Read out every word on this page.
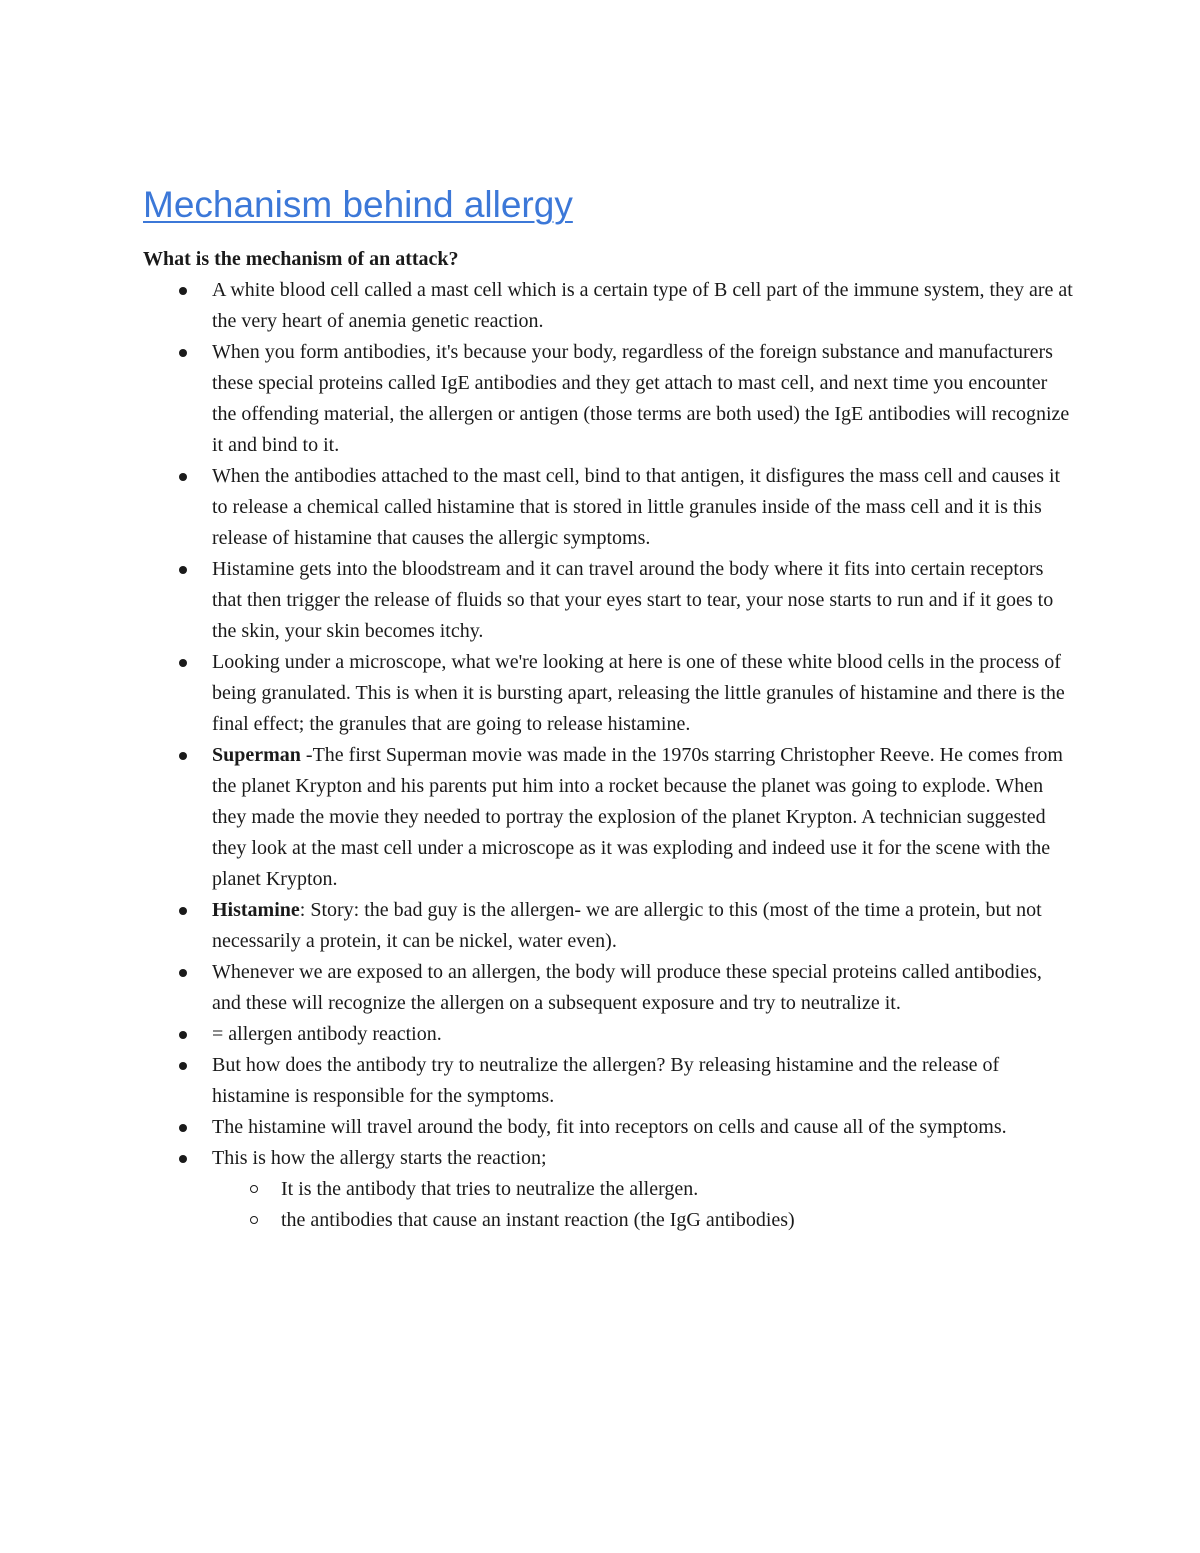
Mechanism behind allergy

What is the mechanism of an attack?

A white blood cell called a mast cell which is a certain type of B cell part of the immune system, they are at the very heart of anemia genetic reaction.
When you form antibodies, it's because your body, regardless of the foreign substance and manufacturers these special proteins called IgE antibodies and they get attach to mast cell, and next time you encounter the offending material, the allergen or antigen (those terms are both used) the IgE antibodies will recognize it and bind to it.
When the antibodies attached to the mast cell, bind to that antigen, it disfigures the mass cell and causes it to release a chemical called histamine that is stored in little granules inside of the mass cell and it is this release of histamine that causes the allergic symptoms.
Histamine gets into the bloodstream and it can travel around the body where it fits into certain receptors that then trigger the release of fluids so that your eyes start to tear, your nose starts to run and if it goes to the skin, your skin becomes itchy.
Looking under a microscope, what we're looking at here is one of these white blood cells in the process of being granulated. This is when it is bursting apart, releasing the little granules of histamine and there is the final effect; the granules that are going to release histamine.
Superman -The first Superman movie was made in the 1970s starring Christopher Reeve. He comes from the planet Krypton and his parents put him into a rocket because the planet was going to explode. When they made the movie they needed to portray the explosion of the planet Krypton. A technician suggested they look at the mast cell under a microscope as it was exploding and indeed use it for the scene with the planet Krypton.
Histamine: Story: the bad guy is the allergen- we are allergic to this (most of the time a protein, but not necessarily a protein, it can be nickel, water even).
Whenever we are exposed to an allergen, the body will produce these special proteins called antibodies, and these will recognize the allergen on a subsequent exposure and try to neutralize it.
= allergen antibody reaction.
But how does the antibody try to neutralize the allergen? By releasing histamine and the release of histamine is responsible for the symptoms.
The histamine will travel around the body, fit into receptors on cells and cause all of the symptoms.
This is how the allergy starts the reaction;
It is the antibody that tries to neutralize the allergen.
the antibodies that cause an instant reaction (the IgG antibodies)
